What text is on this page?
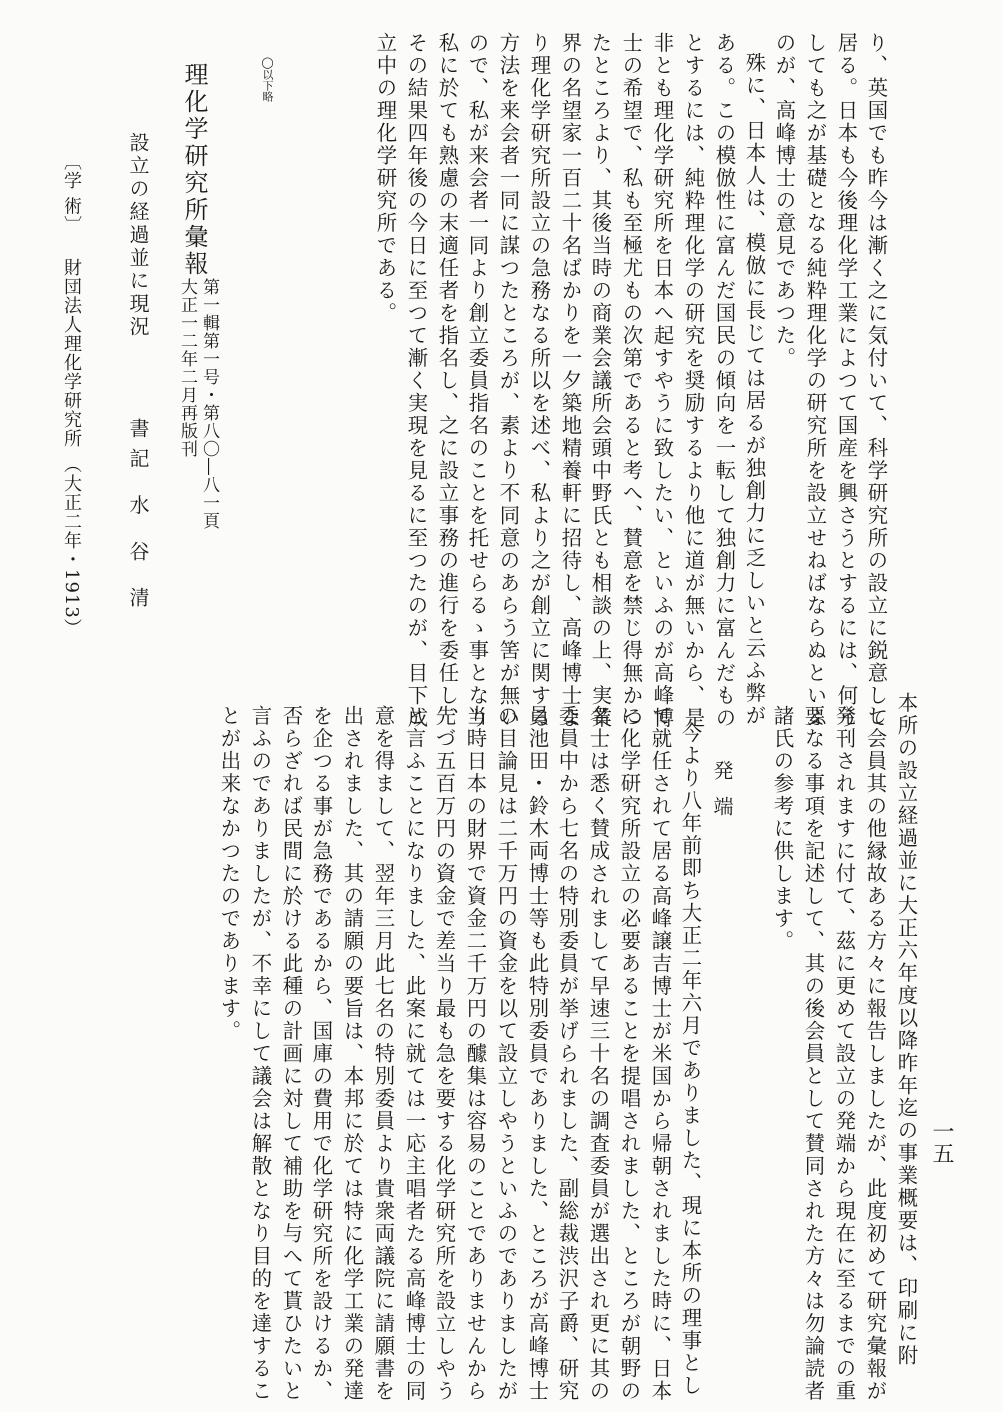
り、英国でも昨今は漸く之に気付いて、科学研究所の設立に鋭意して
居る。日本も今後理化学工業によつて国産を興さうとするには、何う
しても之が基礎となる純粋理化学の研究所を設立せねばならぬといふ
のが、高峰博士の意見であつた。
殊に、日本人は、模倣に長じては居るが独創力に乏しいと云ふ弊が
ある。この模倣性に富んだ国民の傾向を一転して独創力に富んだもの
とするには、純粋理化学の研究を奨励するより他に道が無いから、是
非とも理化学研究所を日本へ起すやうに致したい、といふのが高峰博
士の希望で、私も至極尤もの次第であると考へ、賛意を禁じ得無かつ
たところより、其後当時の商業会議所会頭中野氏とも相談の上、実業
界の名望家一百二十名ばかりを一夕築地精養軒に招待し、高峰博士よ
り理化学研究所設立の急務なる所以を述べ、私より之が創立に関する
方法を来会者一同に謀つたところが、素より不同意のあらう筈が無い
ので、私が来会者一同より創立委員指名のことを托せらるゝ事となり
私に於ても熟慮の末適任者を指名し、之に設立事務の進行を委任し、
その結果四年後の今日に至つて漸く実現を見るに至つたのが、目下成
立中の理化学研究所である。
◯以下略
理化学研究所彙報
第一輯第一号・第八〇―八一頁
大正一二年二月再版刊
設立の経過並に現況
書記 水 谷 清
〔学 術〕
財団法人理化学研究所
（大正二年・1913）
本所の設立経過並に大正六年度以降昨年迄の事業概要は、印刷に附
し会員其の他縁故ある方々に報告しましたが、此度初めて研究彙報が
発刊されますに付て、茲に更めて設立の発端から現在に至るまでの重
要なる事項を記述して、其の後会員として賛同された方々は勿論読者
諸氏の参考に供します。
発端
今より八年前即ち大正二年六月でありました、現に本所の理事とし
て就任されて居る高峰譲吉博士が米国から帰朝されました時に、日本
に化学研究所設立の必要あることを提唱されました、ところが朝野の
名士は悉く賛成されまして早速三十名の調査委員が選出され更に其の
委員中から七名の特別委員が挙げられました、副総裁渋沢子爵、研究
員池田・鈴木両博士等も此特別委員でありました、ところが高峰博士
の目論見は二千万円の資金を以て設立しやうといふのでありましたが
当時日本の財界で資金二千万円の醵集は容易のことでありませんから
先づ五百万円の資金で差当り最も急を要する化学研究所を設立しやう
と言ふことになりました、此案に就ては一応主唱者たる高峰博士の同
意を得まして、翌年三月此七名の特別委員より貴衆両議院に請願書を
出されました、其の請願の要旨は、本邦に於ては特に化学工業の発達
を企つる事が急務であるから、国庫の費用で化学研究所を設けるか、
否らざれば民間に於ける此種の計画に対して補助を与へて貰ひたいと
言ふのでありましたが、不幸にして議会は解散となり目的を達するこ
とが出来なかつたのであります。
一五
